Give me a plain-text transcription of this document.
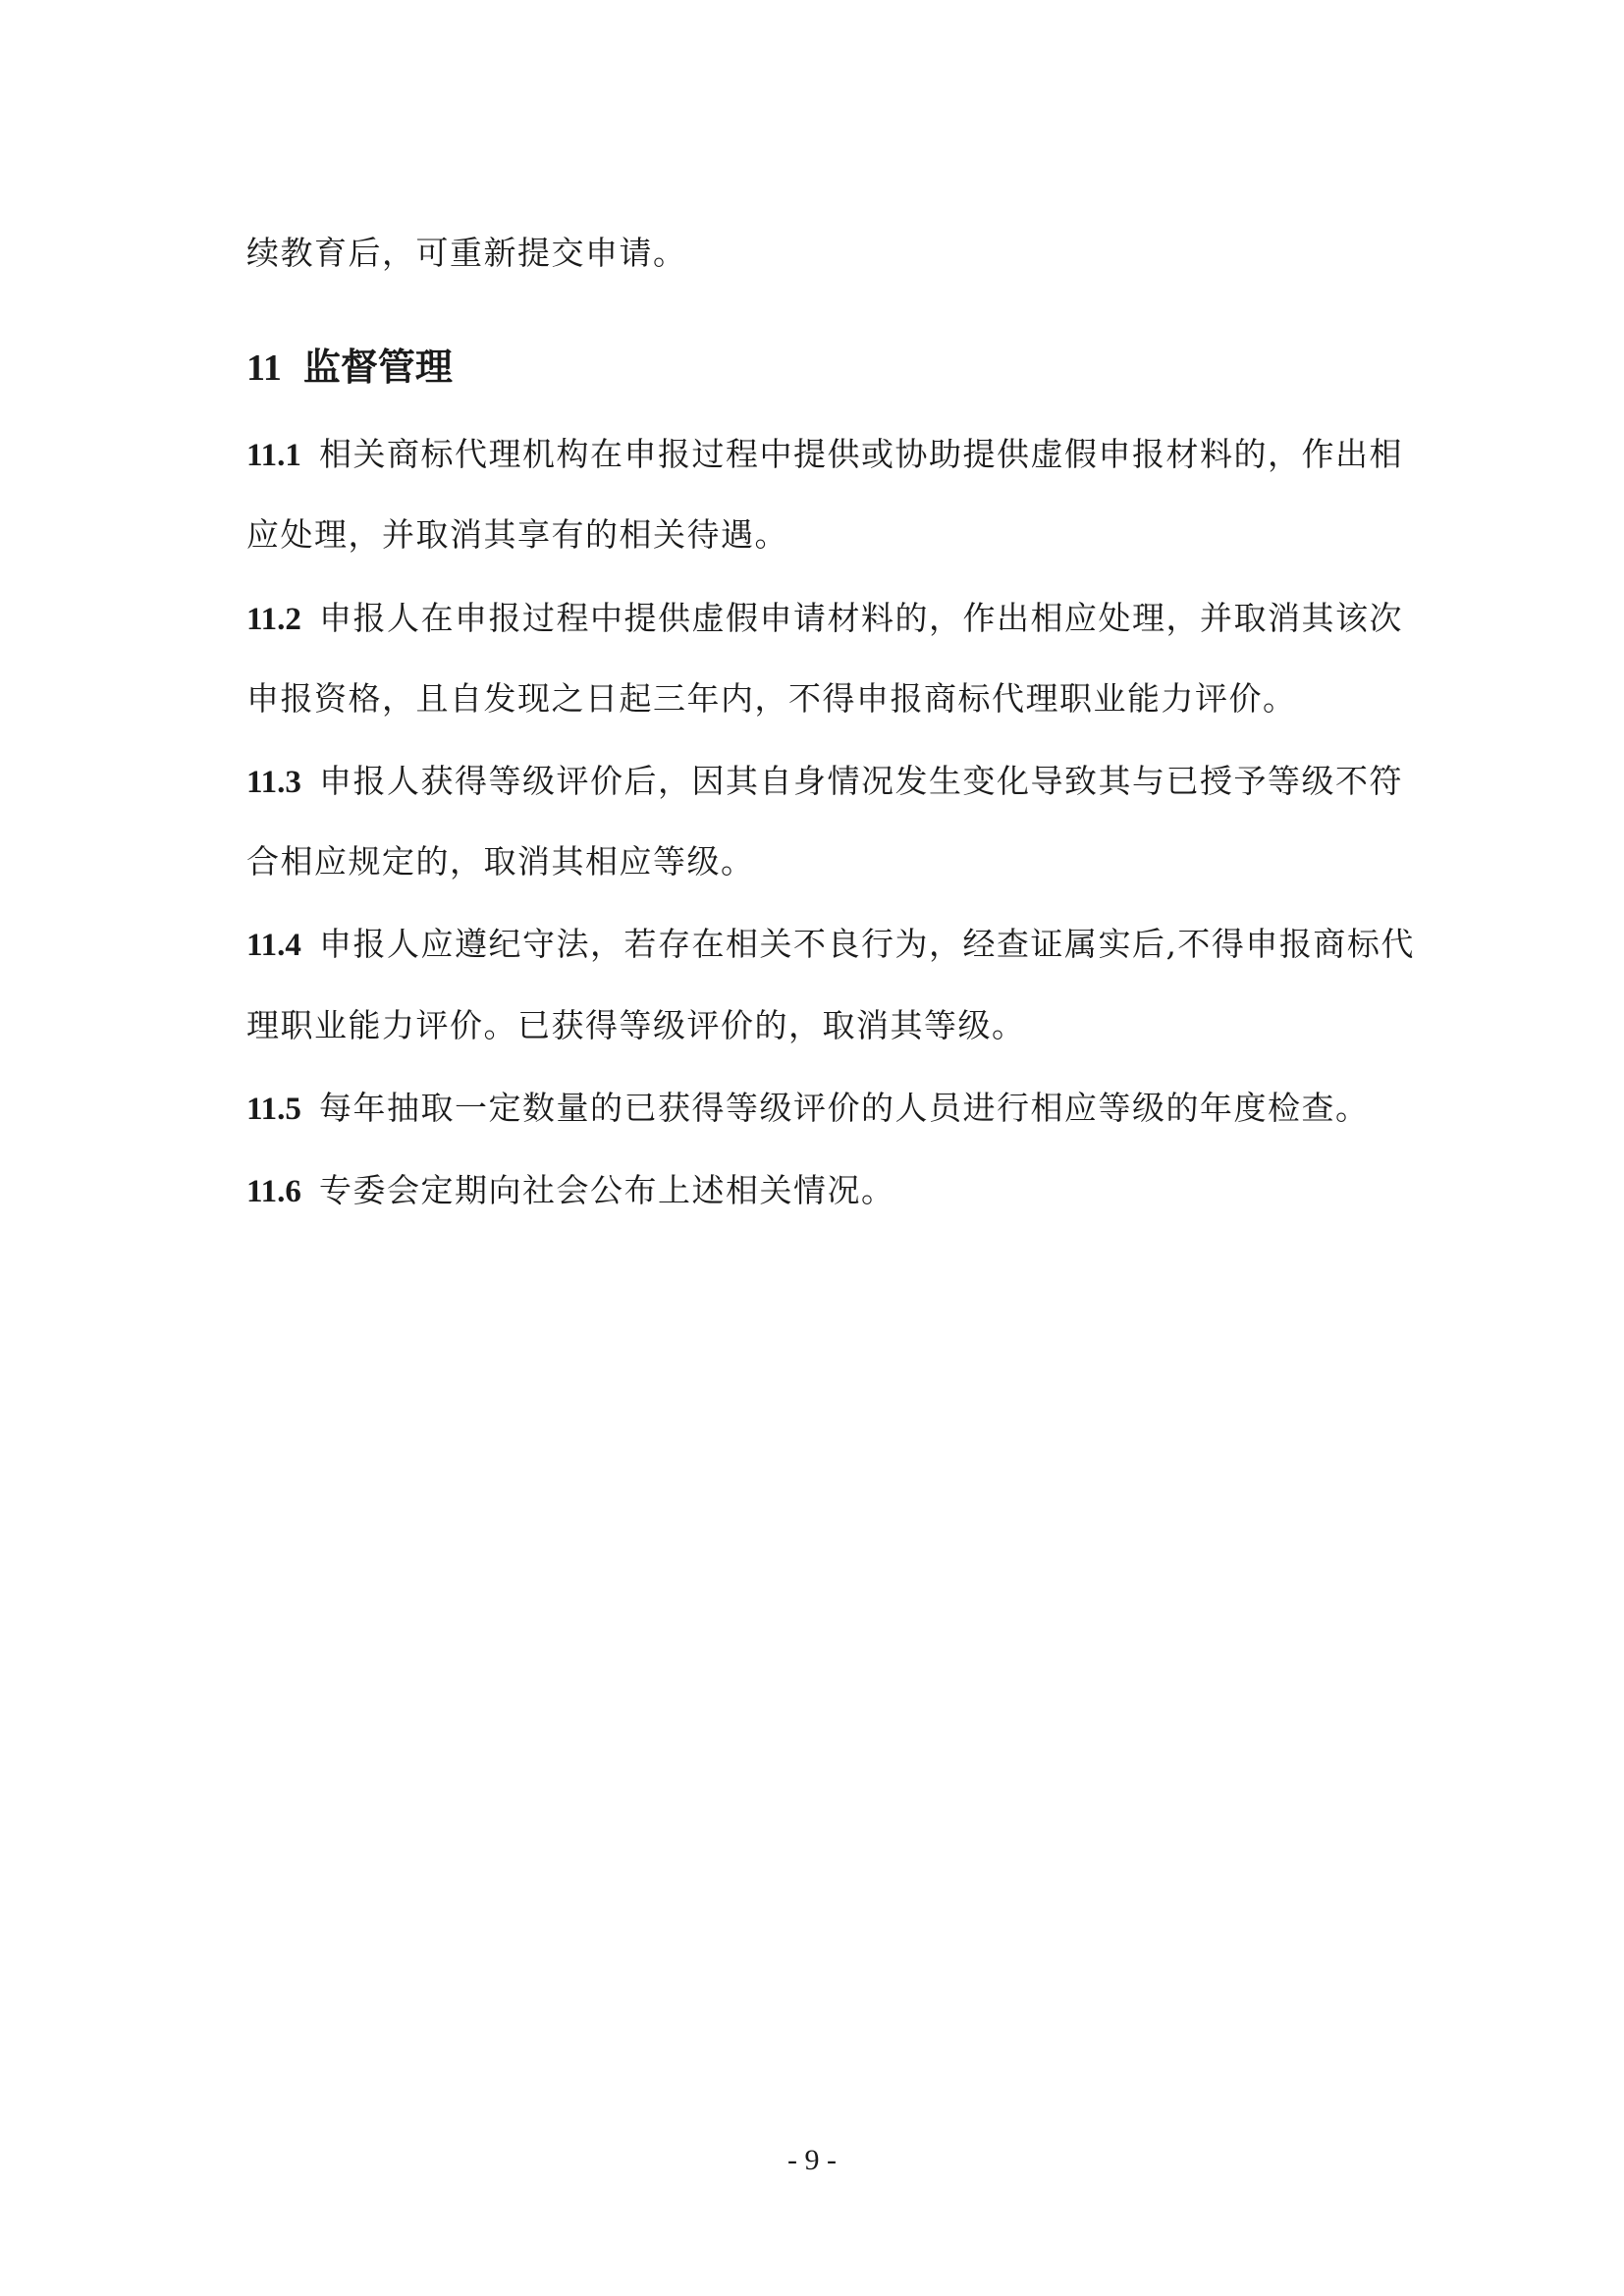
续教育后，可重新提交申请。
11 监督管理
11.1 相关商标代理机构在申报过程中提供或协助提供虚假申报材料的，作出相
应处理，并取消其享有的相关待遇。
11.2 申报人在申报过程中提供虚假申请材料的，作出相应处理，并取消其该次
申报资格，且自发现之日起三年内，不得申报商标代理职业能力评价。
11.3 申报人获得等级评价后，因其自身情况发生变化导致其与已授予等级不符
合相应规定的，取消其相应等级。
11.4 申报人应遵纪守法，若存在相关不良行为，经查证属实后,不得申报商标代
理职业能力评价。已获得等级评价的，取消其等级。
11.5 每年抽取一定数量的已获得等级评价的人员进行相应等级的年度检查。
11.6 专委会定期向社会公布上述相关情况。
- 9 -
